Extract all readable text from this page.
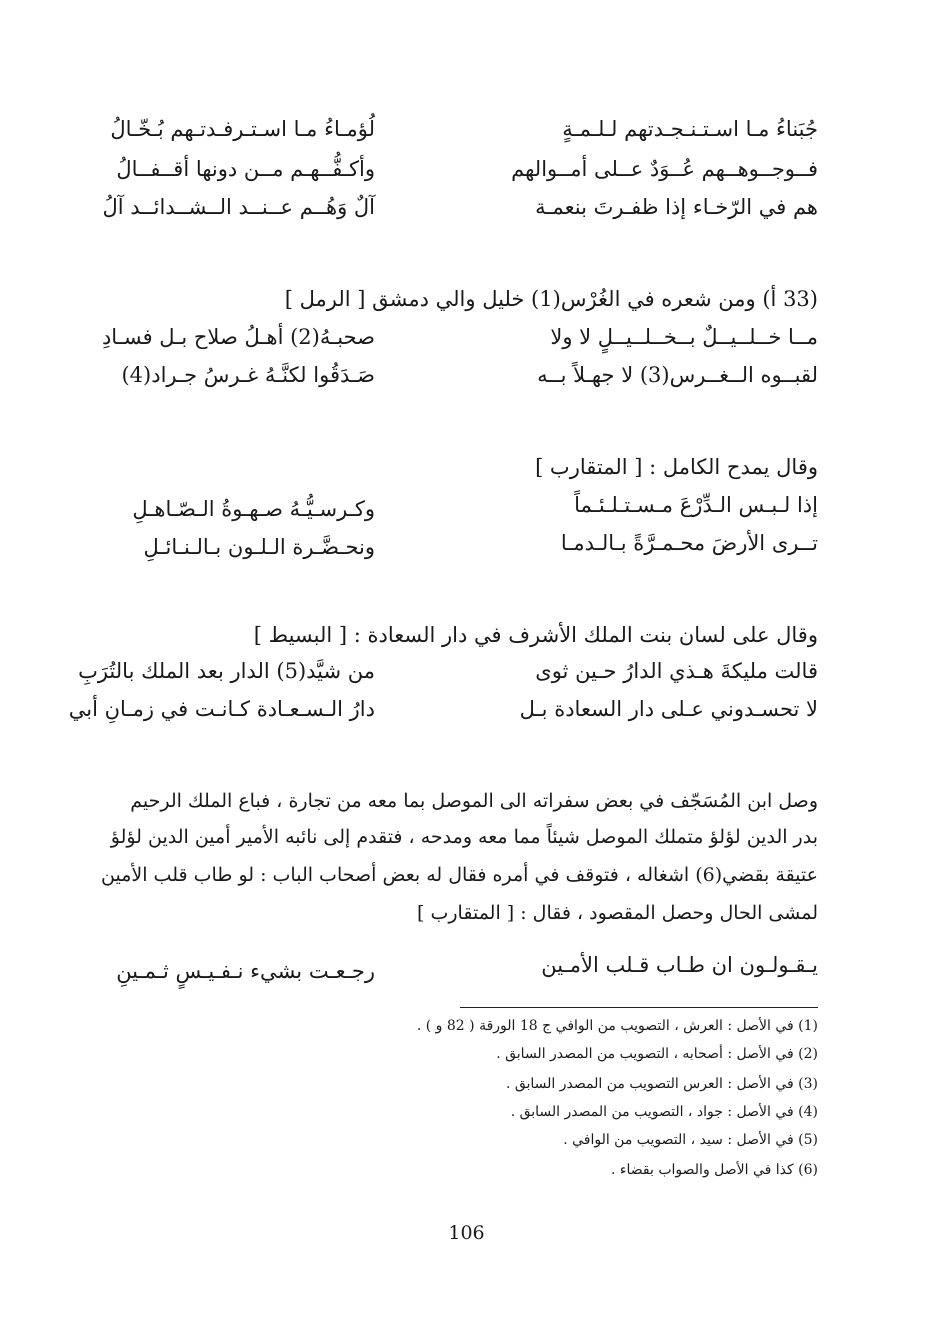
جُبَناءُ مـا اسـتـنـجـدتهم لـلـمـةٍ
لُؤمـاءُ مـا اسـتـرفـدتـهم بُـخّـالُ
فــوجــوهــهم عُــوَدٌ عــلى أمــوالهم
وأكـفُّــهـم مــن دونها أقــفــالُ
هم في الرّخـاء إذا ظفـرتَ بنعمـة
آلٌ وَهُــم عــنــد الــشــدائــد آلُ
(33 أ) ومن شعره في الغُرْس(1) خليل والي دمشق [ الرمل ]
مــا خــلــيــلٌ بــخــلــيــلٍ لا ولا
صحبـهُ(2) أهـلُ صلاح بـل فسـادِ
لقبــوه الــغــرس(3) لا جهـلاً بــه
صَـدَقُوا لكنَّـهُ غـرسُ جـراد(4)
وقال يمدح الكامل : [ المتقارب ]
إذا لـبـس الـدِّرْعَ مـسـتـلـئـماً
وكـرسـيُّـهُ صـهـوةُ الـصّـاهـلِ
تــرى الأرضَ محـمـرَّةً بـالـدمـا
ونحـضَّـرة الـلـون بـالـنـائـلِ
وقال على لسان بنت الملك الأشرف في دار السعادة : [ البسيط ]
قالت مليكةَ هـذي الدارُ حـين ثوى
من شيَّد(5) الدار بعد الملك بالتُرَبِ
لا تحسـدوني عـلى دار السعادة بـل
دارُ الـسـعـادة كـانـت في زمـانِ أبي
وصل ابن المُسَجّف في بعض سفراته الى الموصل بما معه من تجارة ، فباع الملك الرحيم
بدر الدين لؤلؤ متملك الموصل شيئاً مما معه ومدحه ، فتقدم إلى نائبه الأمير أمين الدين لؤلؤ
عتيقة بقضي(6) اشغاله ، فتوقف في أمره فقال له بعض أصحاب الباب : لو طاب قلب الأمين
لمشى الحال وحصل المقصود ، فقال : [ المتقارب ]
يـقـولـون ان طـاب قـلب الأمـين
رجـعـت بشيء نـفـيـسٍ ثـمـينِ
(1) في الأصل : العرش ، التصويب من الوافي ج 18 الورقة ( 82 و ) .
(2) في الأصل : أصحابه ، التصويب من المصدر السابق .
(3) في الأصل : العرس التصويب من المصدر السابق .
(4) في الأصل : جواد ، التصويب من المصدر السابق .
(5) في الأصل : سيد ، التصويب من الوافي .
(6) كذا في الأصل والصواب بقضاء .
106
